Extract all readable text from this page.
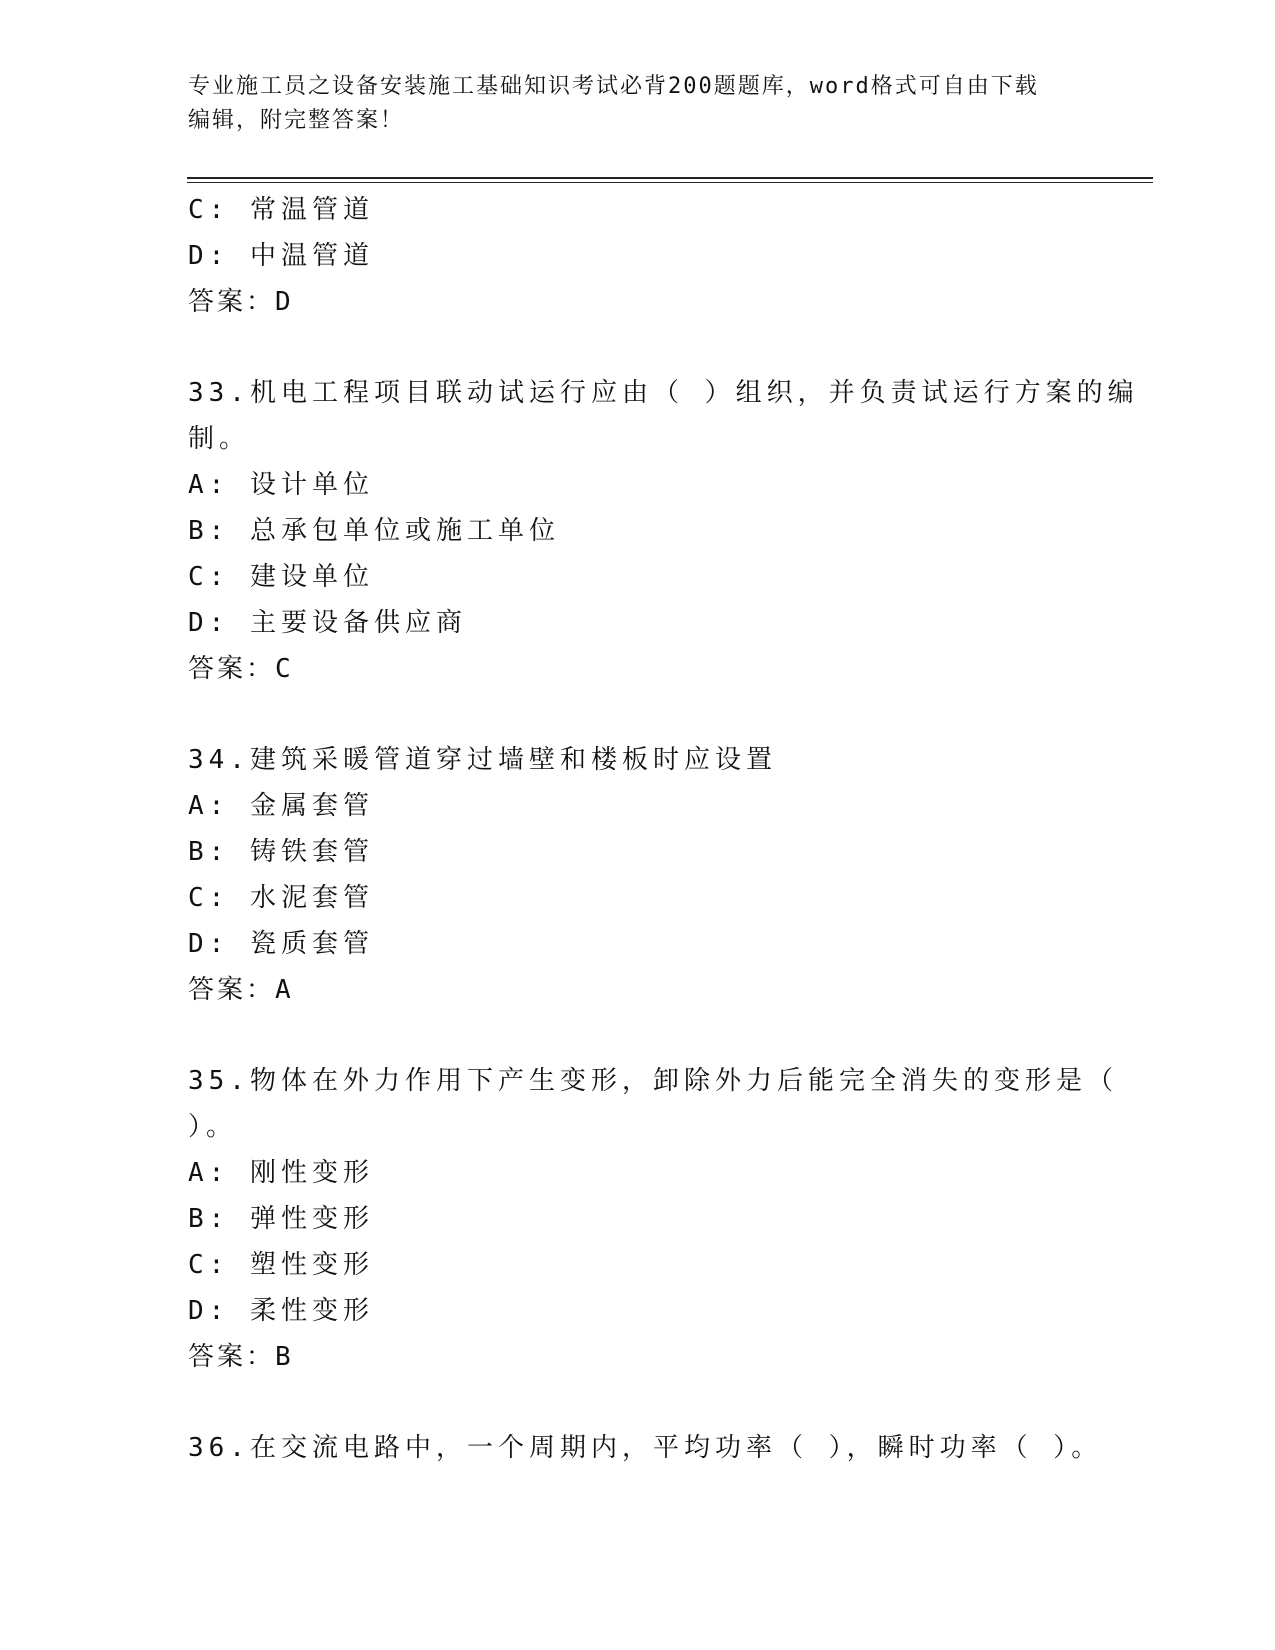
专业施工员之设备安装施工基础知识考试必背200题题库，word格式可自由下载
编辑，附完整答案！
C: 常温管道
D: 中温管道
答案：D
33.机电工程项目联动试运行应由（ ）组织，并负责试运行方案的编
制。
A: 设计单位
B: 总承包单位或施工单位
C: 建设单位
D: 主要设备供应商
答案：C
34.建筑采暖管道穿过墙壁和楼板时应设置
A: 金属套管
B: 铸铁套管
C: 水泥套管
D: 瓷质套管
答案：A
35.物体在外力作用下产生变形，卸除外力后能完全消失的变形是（
）。
A: 刚性变形
B: 弹性变形
C: 塑性变形
D: 柔性变形
答案：B
36.在交流电路中，一个周期内，平均功率（ ），瞬时功率（ ）。
